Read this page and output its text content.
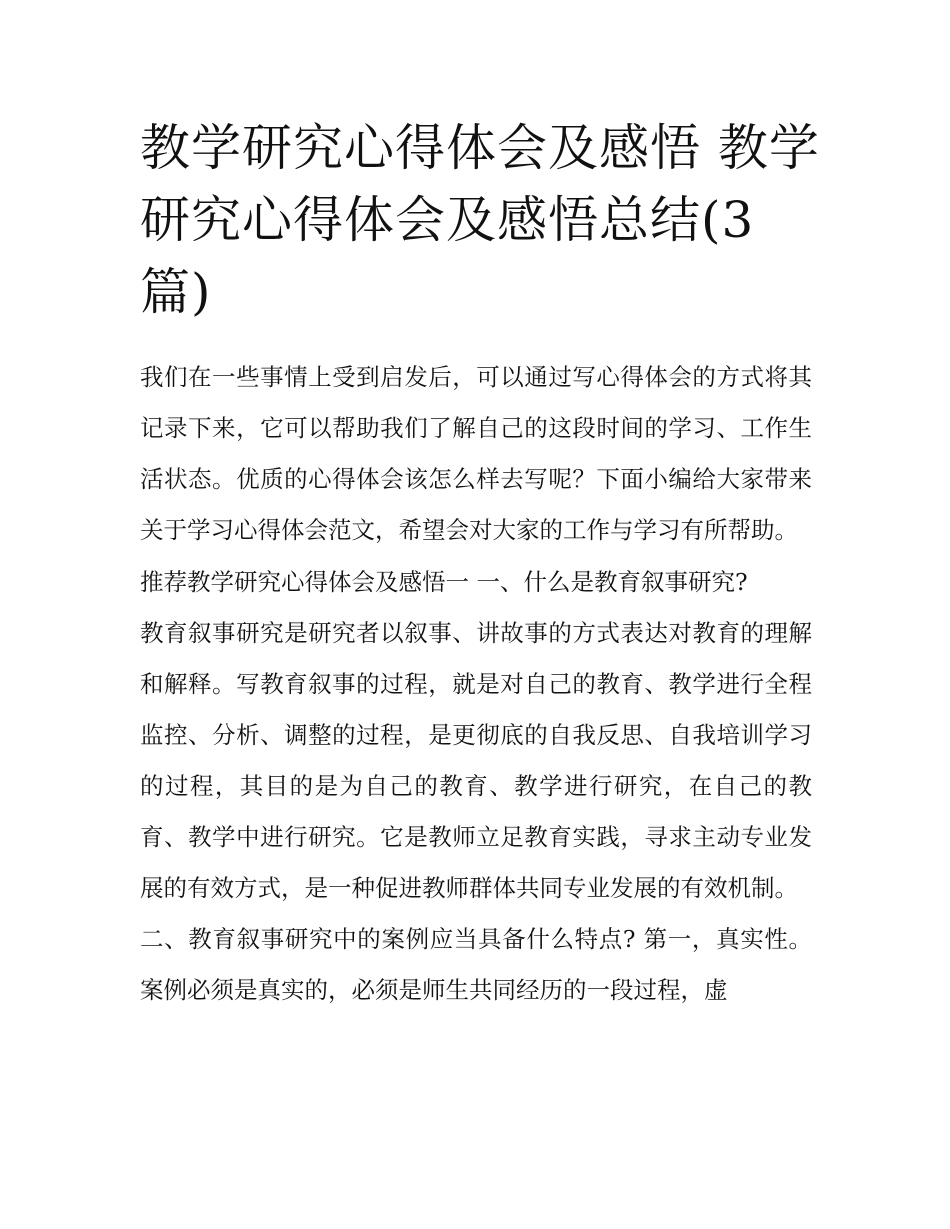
教学研究心得体会及感悟 教学研究心得体会及感悟总结(3篇)

我们在一些事情上受到启发后，可以通过写心得体会的方式将其记录下来，它可以帮助我们了解自己的这段时间的学习、工作生活状态。优质的心得体会该怎么样去写呢？下面小编给大家带来关于学习心得体会范文，希望会对大家的工作与学习有所帮助。

推荐教学研究心得体会及感悟一 一、什么是教育叙事研究?

教育叙事研究是研究者以叙事、讲故事的方式表达对教育的理解和解释。写教育叙事的过程，就是对自己的教育、教学进行全程监控、分析、调整的过程，是更彻底的自我反思、自我培训学习的过程，其目的是为自己的教育、教学进行研究，在自己的教育、教学中进行研究。它是教师立足教育实践，寻求主动专业发展的有效方式，是一种促进教师群体共同专业发展的有效机制。

二、教育叙事研究中的案例应当具备什么特点? 第一，真实性。案例必须是真实的，必须是师生共同经历的一段过程，虚
